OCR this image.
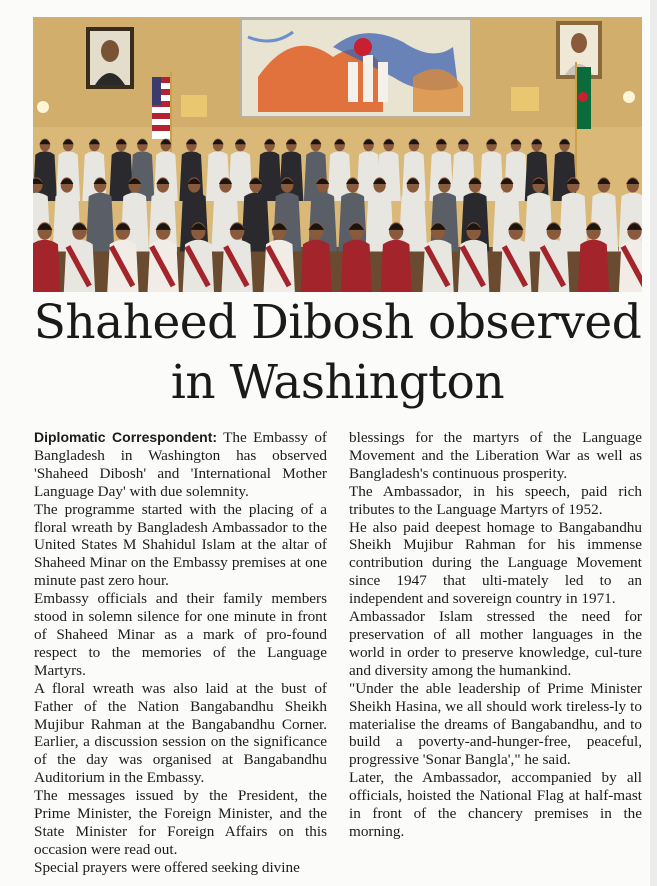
Shaheed Dibosh observed
in Washington

Diplomatic Correspondent: The Embassy of Bangladesh in Washington has observed 'Shaheed Dibosh' and 'International Mother Language Day' with due solemnity.

The programme started with the placing of a floral wreath by Bangladesh Ambassador to the United States M Shahidul Islam at the altar of Shaheed Minar on the Embassy premises at one minute past zero hour.

Embassy officials and their family members stood in solemn silence for one minute in front of Shaheed Minar as a mark of pro-found respect to the memories of the Language Martyrs.

A floral wreath was also laid at the bust of Father of the Nation Bangabandhu Sheikh Mujibur Rahman at the Bangabandhu Corner. Earlier, a discussion session on the significance of the day was organised at Bangabandhu Auditorium in the Embassy.

The messages issued by the President, the Prime Minister, the Foreign Minister, and the State Minister for Foreign Affairs on this occasion were read out.

Special prayers were offered seeking divine

blessings for the martyrs of the Language Movement and the Liberation War as well as Bangladesh's continuous prosperity.

The Ambassador, in his speech, paid rich tributes to the Language Martyrs of 1952.

He also paid deepest homage to Bangabandhu Sheikh Mujibur Rahman for his immense contribution during the Language Movement since 1947 that ulti-mately led to an independent and sovereign country in 1971.

Ambassador Islam stressed the need for preservation of all mother languages in the world in order to preserve knowledge, cul-ture and diversity among the humankind.

"Under the able leadership of Prime Minister Sheikh Hasina, we all should work tireless-ly to materialise the dreams of Bangabandhu, and to build a poverty-and-hunger-free, peaceful, progressive 'Sonar Bangla'," he said.

Later, the Ambassador, accompanied by all officials, hoisted the National Flag at half-mast in front of the chancery premises in the morning.
